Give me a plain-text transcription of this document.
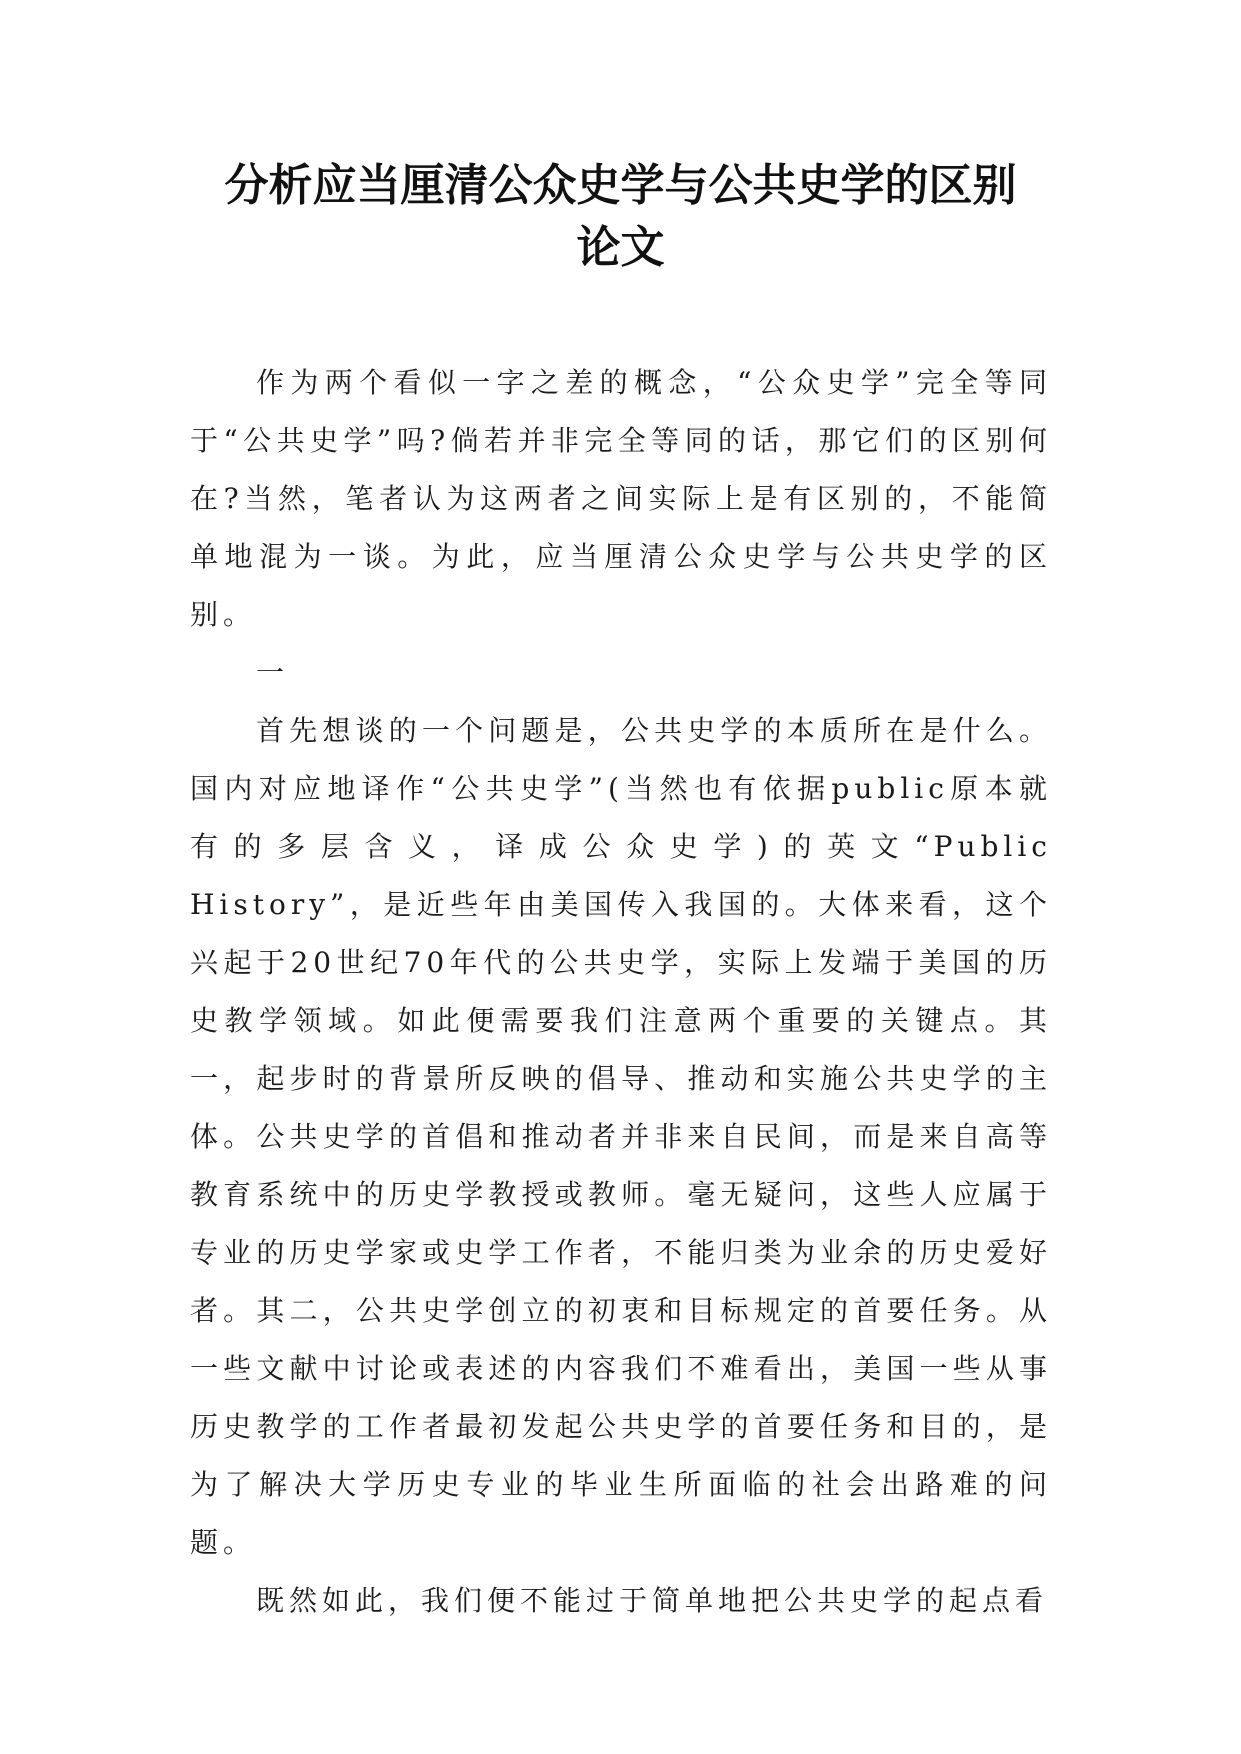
分析应当厘清公众史学与公共史学的区别
论文

作为两个看似一字之差的概念，“公众史学”完全等同于“公共史学”吗?倘若并非完全等同的话，那它们的区别何在?当然，笔者认为这两者之间实际上是有区别的，不能简单地混为一谈。为此，应当厘清公众史学与公共史学的区别。

一

首先想谈的一个问题是，公共史学的本质所在是什么。国内对应地译作“公共史学”(当然也有依据public原本就有的多层含义，译成公众史学)的英文“Public History”，是近些年由美国传入我国的。大体来看，这个兴起于20世纪70年代的公共史学，实际上发端于美国的历史教学领域。如此便需要我们注意两个重要的关键点。其一，起步时的背景所反映的倡导、推动和实施公共史学的主体。公共史学的首倡和推动者并非来自民间，而是来自高等教育系统中的历史学教授或教师。毫无疑问，这些人应属于专业的历史学家或史学工作者，不能归类为业余的历史爱好者。其二，公共史学创立的初衷和目标规定的首要任务。从一些文献中讨论或表述的内容我们不难看出，美国一些从事历史教学的工作者最初发起公共史学的首要任务和目的，是为了解决大学历史专业的毕业生所面临的社会出路难的问题。

既然如此，我们便不能过于简单地把公共史学的起点看
